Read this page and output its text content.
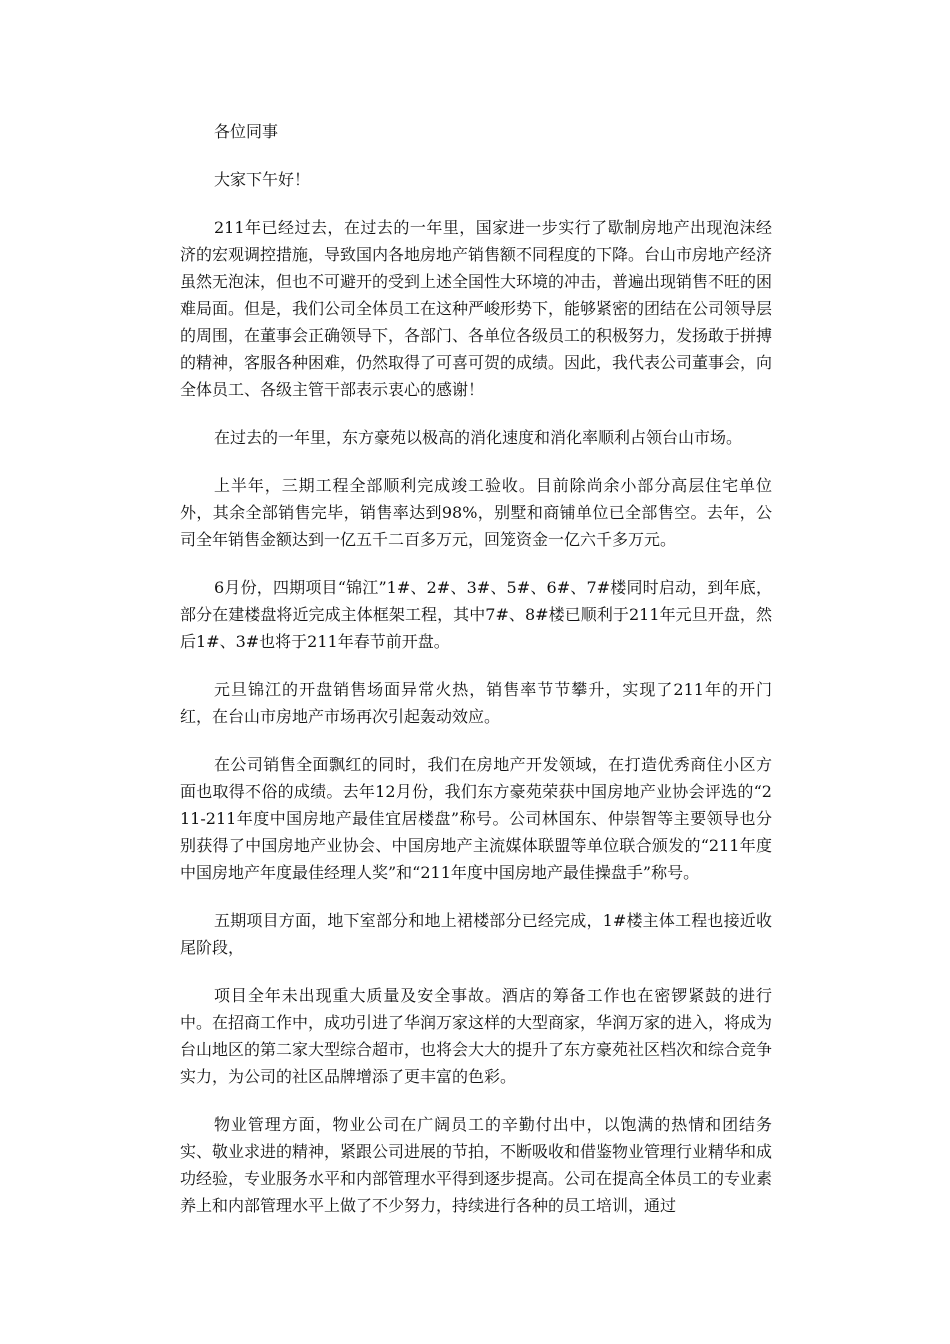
各位同事

大家下午好！

211年已经过去，在过去的一年里，国家进一步实行了歇制房地产出现泡沫经济的宏观调控措施，导致国内各地房地产销售额不同程度的下降。台山市房地产经济虽然无泡沫，但也不可避开的受到上述全国性大环境的冲击，普遍出现销售不旺的困难局面。但是，我们公司全体员工在这种严峻形势下，能够紧密的团结在公司领导层的周围，在董事会正确领导下，各部门、各单位各级员工的积极努力，发扬敢于拼搏的精神，客服各种困难，仍然取得了可喜可贺的成绩。因此，我代表公司董事会，向全体员工、各级主管干部表示衷心的感谢！

在过去的一年里，东方豪苑以极高的消化速度和消化率顺利占领台山市场。

上半年，三期工程全部顺利完成竣工验收。目前除尚余小部分高层住宅单位外，其余全部销售完毕，销售率达到98%，别墅和商铺单位已全部售空。去年，公司全年销售金额达到一亿五千二百多万元，回笼资金一亿六千多万元。

6月份，四期项目“锦江”1#、2#、3#、5#、6#、7#楼同时启动，到年底，部分在建楼盘将近完成主体框架工程，其中7#、8#楼已顺利于211年元旦开盘，然后1#、3#也将于211年春节前开盘。

元旦锦江的开盘销售场面异常火热，销售率节节攀升，实现了211年的开门红，在台山市房地产市场再次引起轰动效应。

在公司销售全面飘红的同时，我们在房地产开发领域，在打造优秀商住小区方面也取得不俗的成绩。去年12月份，我们东方豪苑荣获中国房地产业协会评选的“211-211年度中国房地产最佳宜居楼盘”称号。公司林国东、仲崇智等主要领导也分别获得了中国房地产业协会、中国房地产主流媒体联盟等单位联合颁发的“211年度中国房地产年度最佳经理人奖”和“211年度中国房地产最佳操盘手”称号。

五期项目方面，地下室部分和地上裙楼部分已经完成，1#楼主体工程也接近收尾阶段，

项目全年未出现重大质量及安全事故。酒店的筹备工作也在密锣紧鼓的进行中。在招商工作中，成功引进了华润万家这样的大型商家，华润万家的进入，将成为台山地区的第二家大型综合超市，也将会大大的提升了东方豪苑社区档次和综合竞争实力，为公司的社区品牌增添了更丰富的色彩。

物业管理方面，物业公司在广阔员工的辛勤付出中，以饱满的热情和团结务实、敬业求进的精神，紧跟公司进展的节拍，不断吸收和借鉴物业管理行业精华和成功经验，专业服务水平和内部管理水平得到逐步提高。公司在提高全体员工的专业素养上和内部管理水平上做了不少努力，持续进行各种的员工培训，通过
